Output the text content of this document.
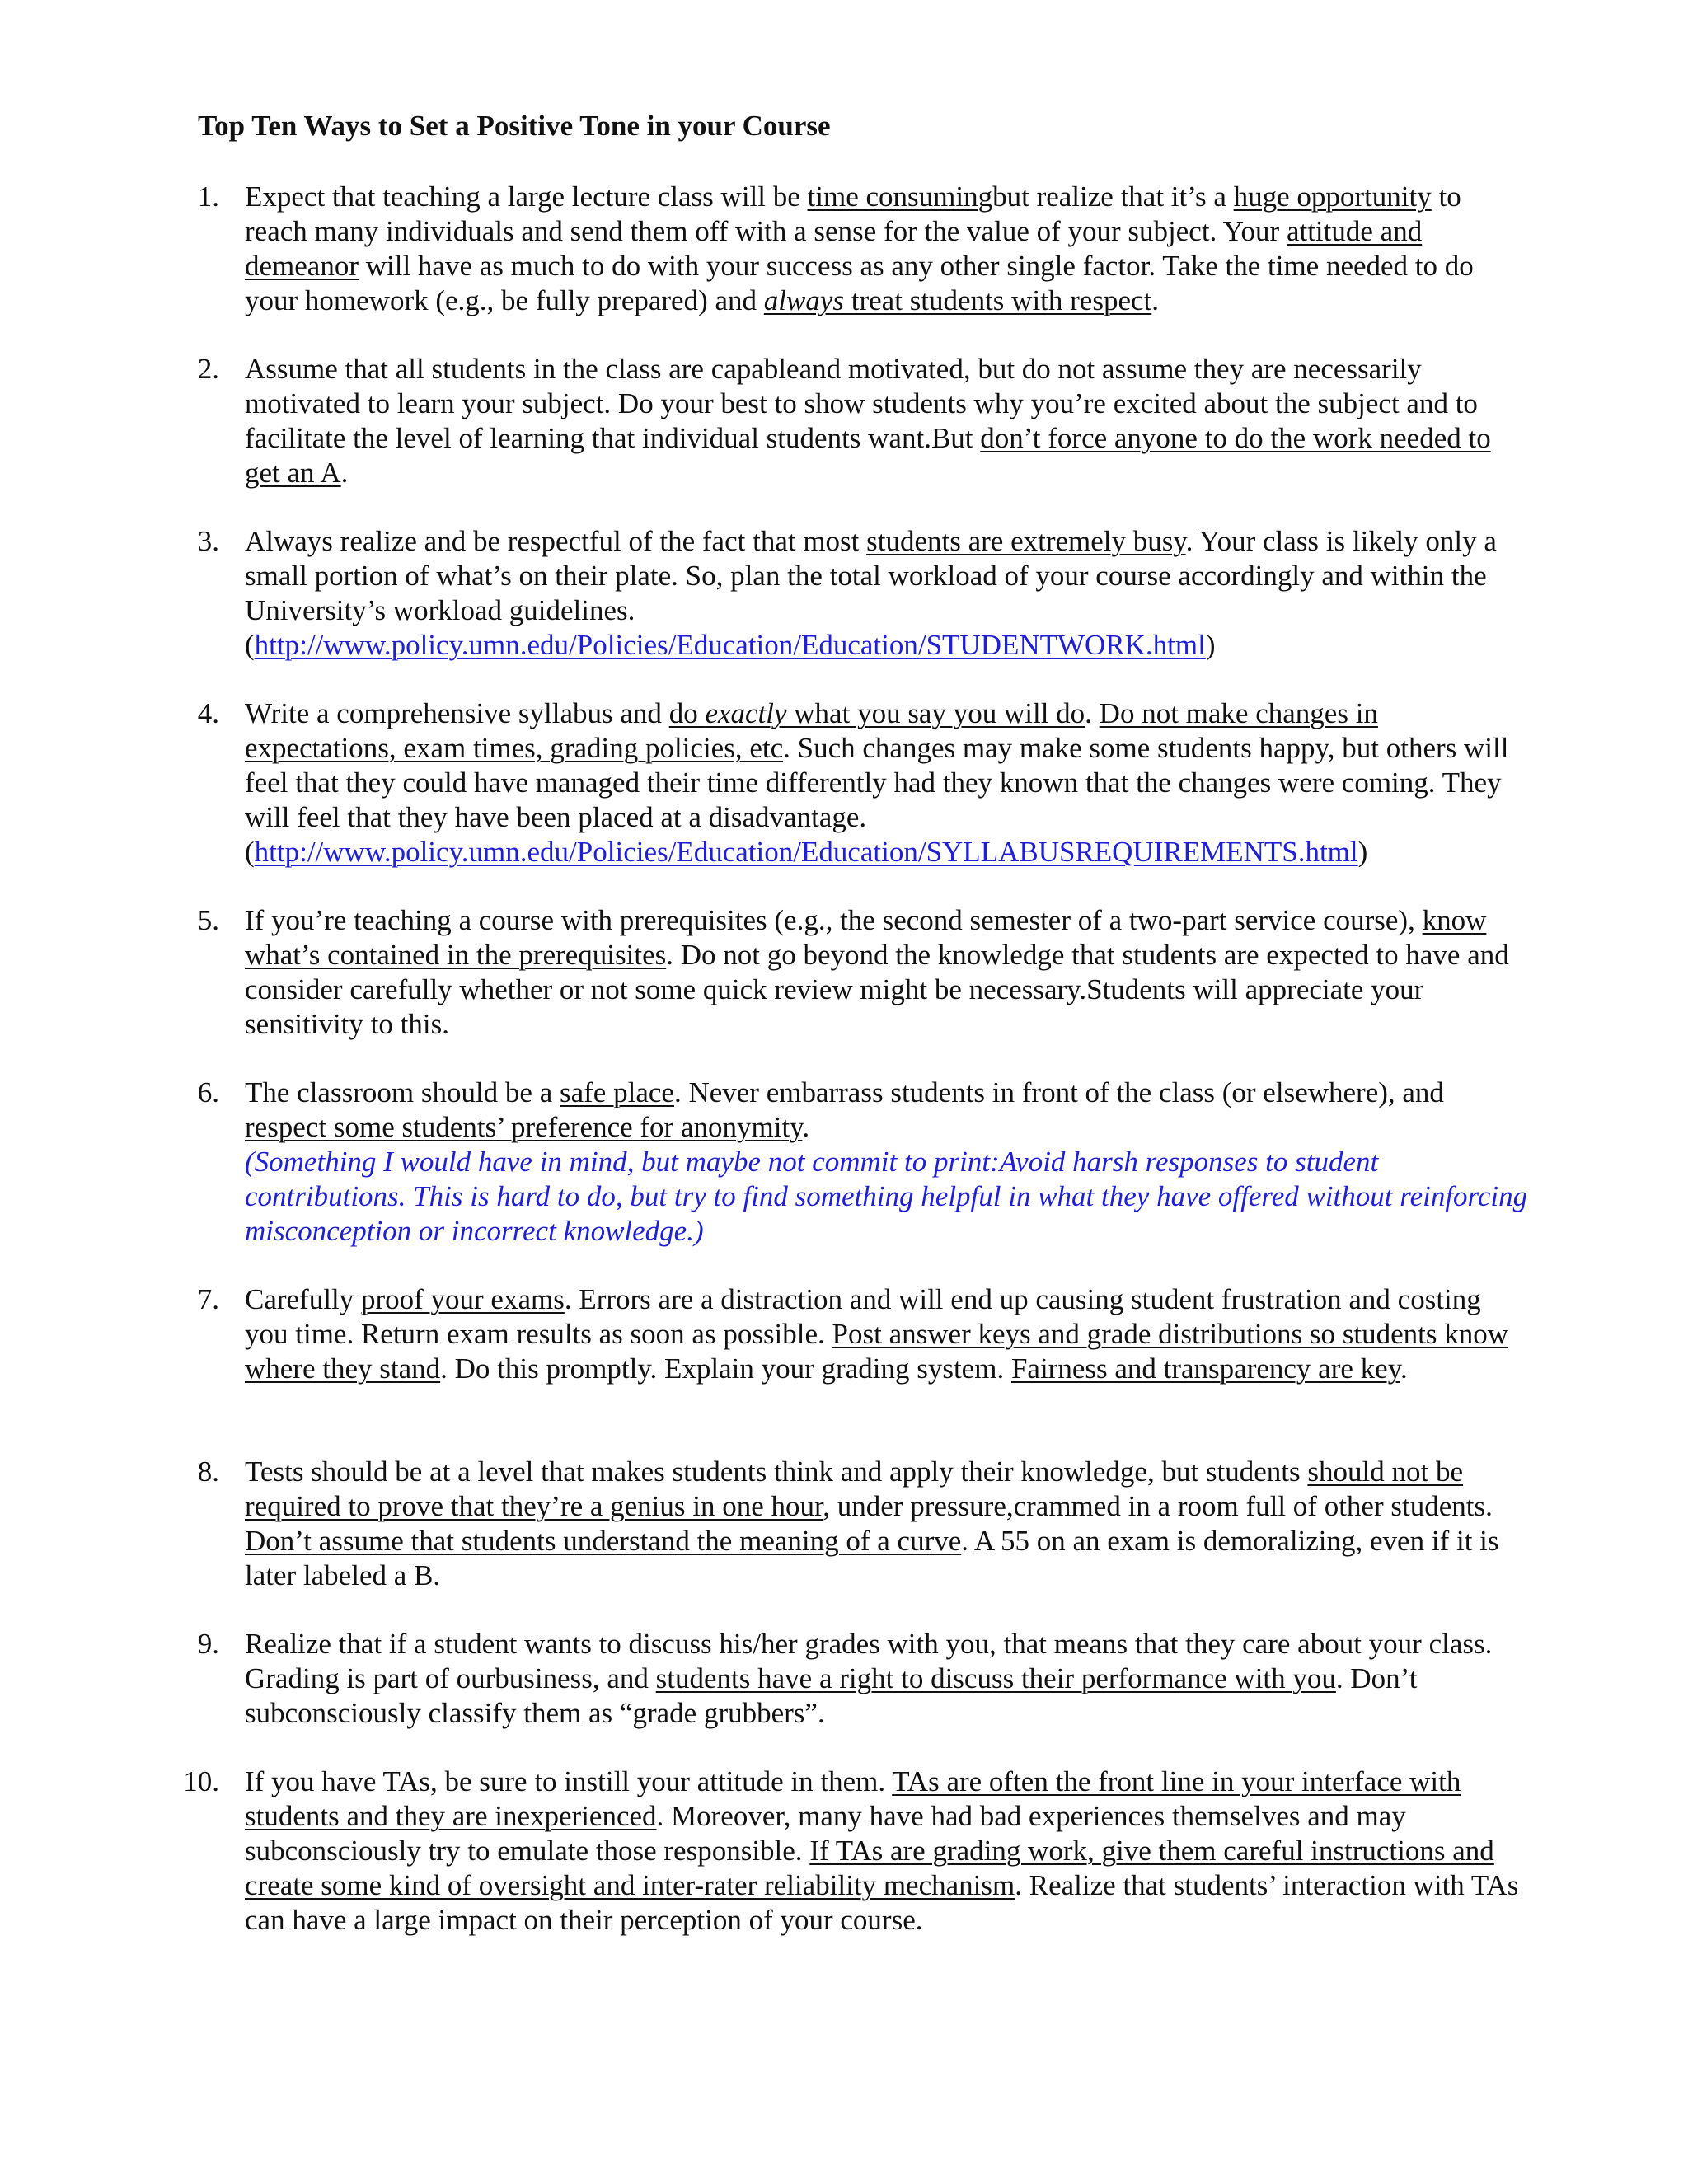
Top Ten Ways to Set a Positive Tone in your Course
1. Expect that teaching a large lecture class will be time consumingbut realize that it’s a huge opportunity to reach many individuals and send them off with a sense for the value of your subject. Your attitude and demeanor will have as much to do with your success as any other single factor. Take the time needed to do your homework (e.g., be fully prepared) and always treat students with respect.
2. Assume that all students in the class are capableand motivated, but do not assume they are necessarily motivated to learn your subject. Do your best to show students why you’re excited about the subject and to facilitate the level of learning that individual students want.But don’t force anyone to do the work needed to get an A.
3. Always realize and be respectful of the fact that most students are extremely busy. Your class is likely only a small portion of what’s on their plate. So, plan the total workload of your course accordingly and within the University’s workload guidelines.
(http://www.policy.umn.edu/Policies/Education/Education/STUDENTWORK.html)
4. Write a comprehensive syllabus and do exactly what you say you will do. Do not make changes in expectations, exam times, grading policies, etc. Such changes may make some students happy, but others will feel that they could have managed their time differently had they known that the changes were coming. They will feel that they have been placed at a disadvantage.
(http://www.policy.umn.edu/Policies/Education/Education/SYLLABUSREQUIREMENTS.html)
5. If you’re teaching a course with prerequisites (e.g., the second semester of a two-part service course), know what’s contained in the prerequisites. Do not go beyond the knowledge that students are expected to have and consider carefully whether or not some quick review might be necessary.Students will appreciate your sensitivity to this.
6. The classroom should be a safe place. Never embarrass students in front of the class (or elsewhere), and respect some students’ preference for anonymity.
(Something I would have in mind, but maybe not commit to print:Avoid harsh responses to student contributions. This is hard to do, but try to find something helpful in what they have offered without reinforcing misconception or incorrect knowledge.)
7. Carefully proof your exams. Errors are a distraction and will end up causing student frustration and costing you time. Return exam results as soon as possible. Post answer keys and grade distributions so students know where they stand. Do this promptly. Explain your grading system. Fairness and transparency are key.
8. Tests should be at a level that makes students think and apply their knowledge, but students should not be required to prove that they’re a genius in one hour, under pressure,crammed in a room full of other students. Don’t assume that students understand the meaning of a curve. A 55 on an exam is demoralizing, even if it is later labeled a B.
9. Realize that if a student wants to discuss his/her grades with you, that means that they care about your class. Grading is part of ourbusiness, and students have a right to discuss their performance with you. Don’t subconsciously classify them as “grade grubbers”.
10. If you have TAs, be sure to instill your attitude in them. TAs are often the front line in your interface with students and they are inexperienced. Moreover, many have had bad experiences themselves and may subconsciously try to emulate those responsible. If TAs are grading work, give them careful instructions and create some kind of oversight and inter-rater reliability mechanism. Realize that students’ interaction with TAs can have a large impact on their perception of your course.
